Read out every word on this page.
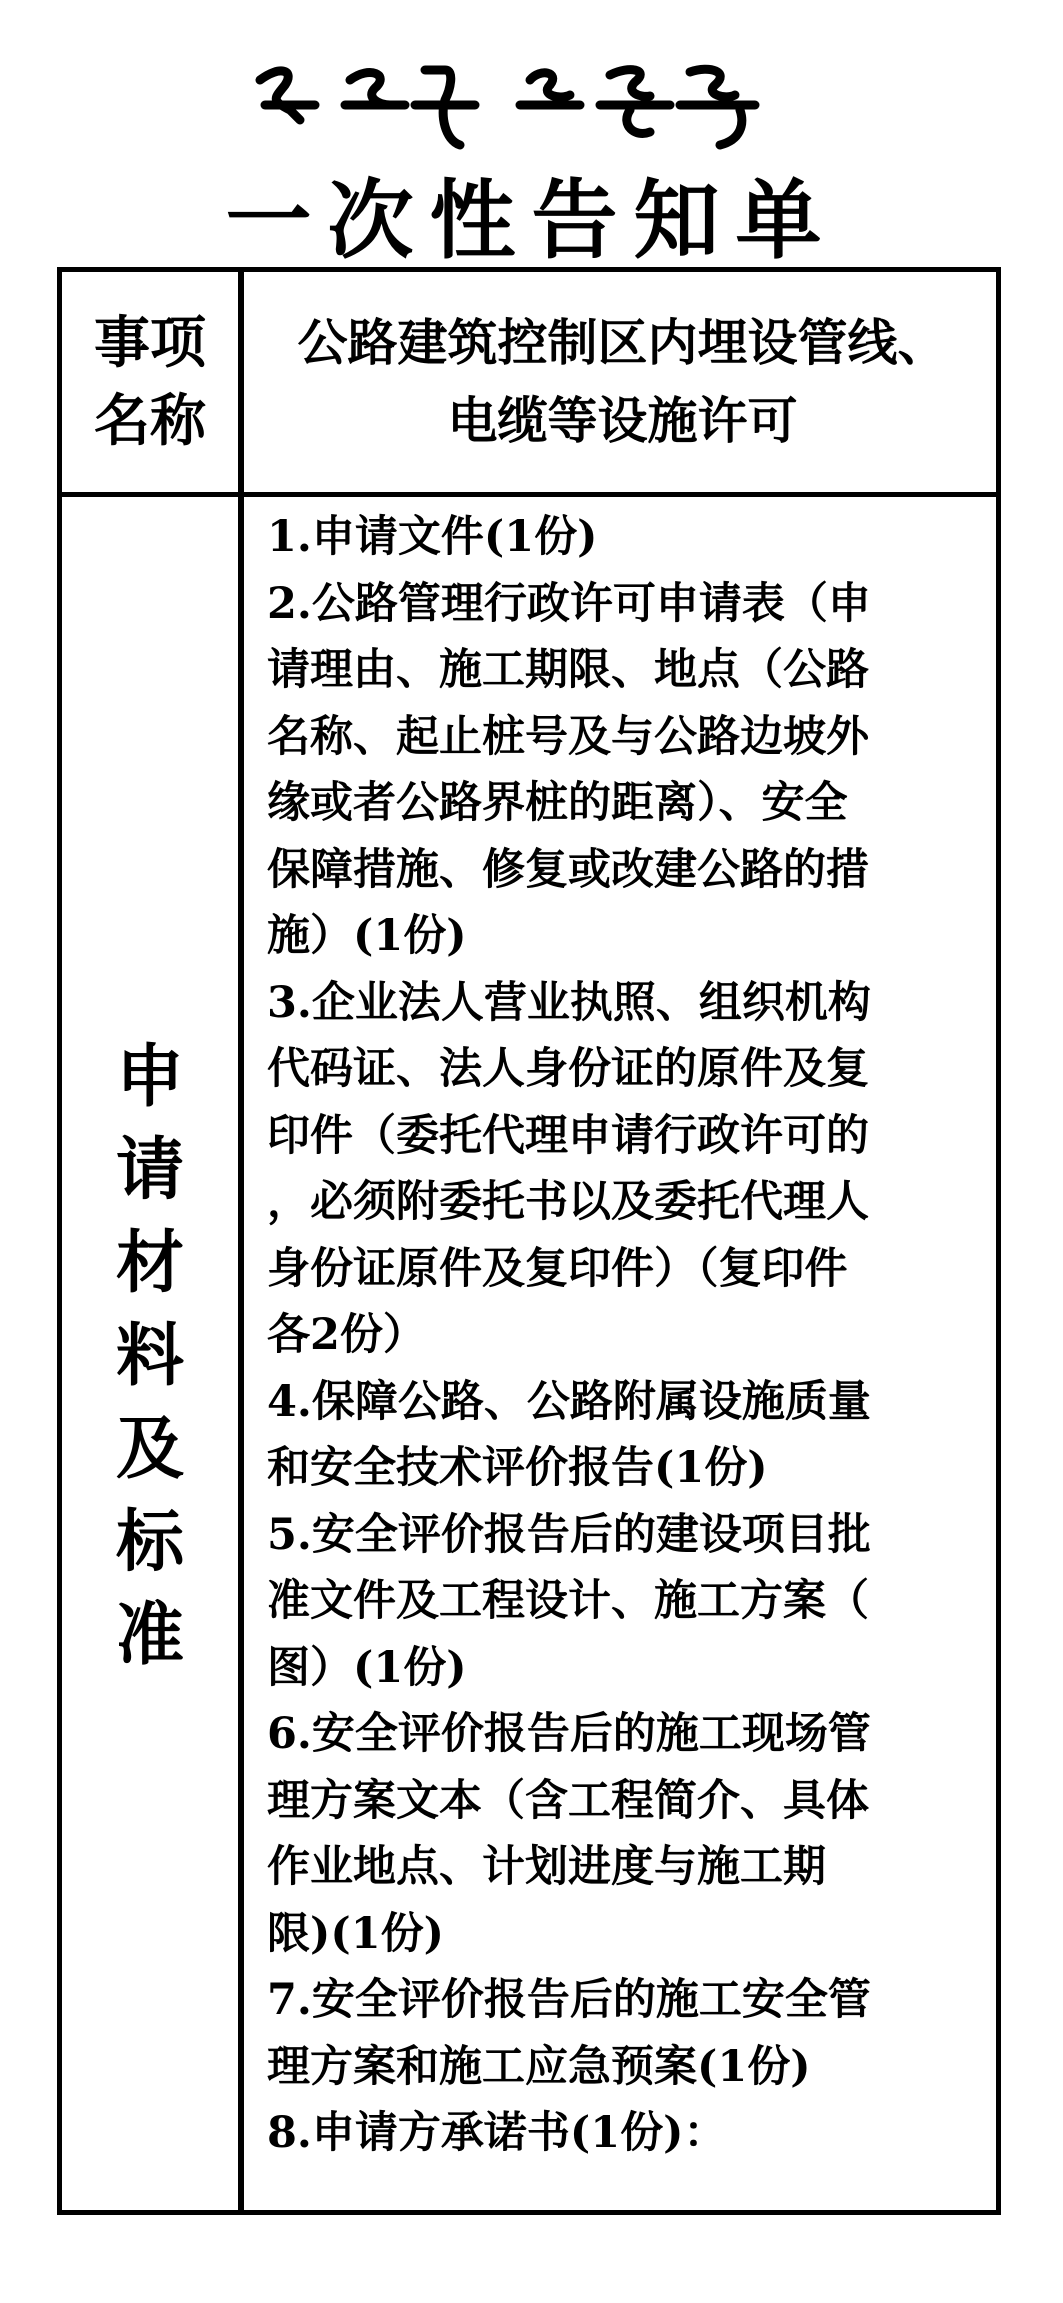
一次性告知单
事项
名称
公路建筑控制区内埋设管线、
电缆等设施许可
申
请
材
料
及
标
准
1.申请文件(1份)
2.公路管理行政许可申请表（申
请理由、施工期限、地点（公路
名称、起止桩号及与公路边坡外
缘或者公路界桩的距离）、安全
保障措施、修复或改建公路的措
施）(1份)
3.企业法人营业执照、组织机构
代码证、法人身份证的原件及复
印件（委托代理申请行政许可的
，必须附委托书以及委托代理人
身份证原件及复印件）（复印件
各2份）
4.保障公路、公路附属设施质量
和安全技术评价报告(1份)
5.安全评价报告后的建设项目批
准文件及工程设计、施工方案（
图）(1份)
6.安全评价报告后的施工现场管
理方案文本（含工程简介、具体
作业地点、计划进度与施工期
限)(1份)
7.安全评价报告后的施工安全管
理方案和施工应急预案(1份)
8.申请方承诺书(1份)：
